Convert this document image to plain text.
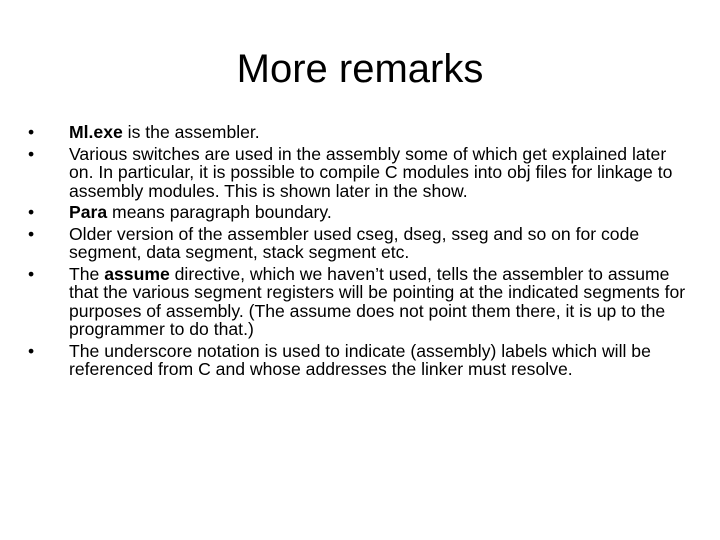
More remarks
•	Ml.exe is the assembler.
•	Various switches are used in the assembly some of which get explained later on. In particular, it is possible to compile C modules into obj files for linkage to assembly modules. This is shown later in the show.
•	Para means paragraph boundary.
•	Older version of the assembler used cseg, dseg, sseg and so on for code segment, data segment, stack segment etc.
•	The assume directive, which we haven’t used, tells the assembler to assume that the various segment registers will be pointing at the indicated segments for purposes of assembly. (The assume does not point them there, it is up to the programmer to do that.)
•	The underscore notation is used to indicate (assembly) labels which will be referenced from C and whose addresses the linker must resolve.
